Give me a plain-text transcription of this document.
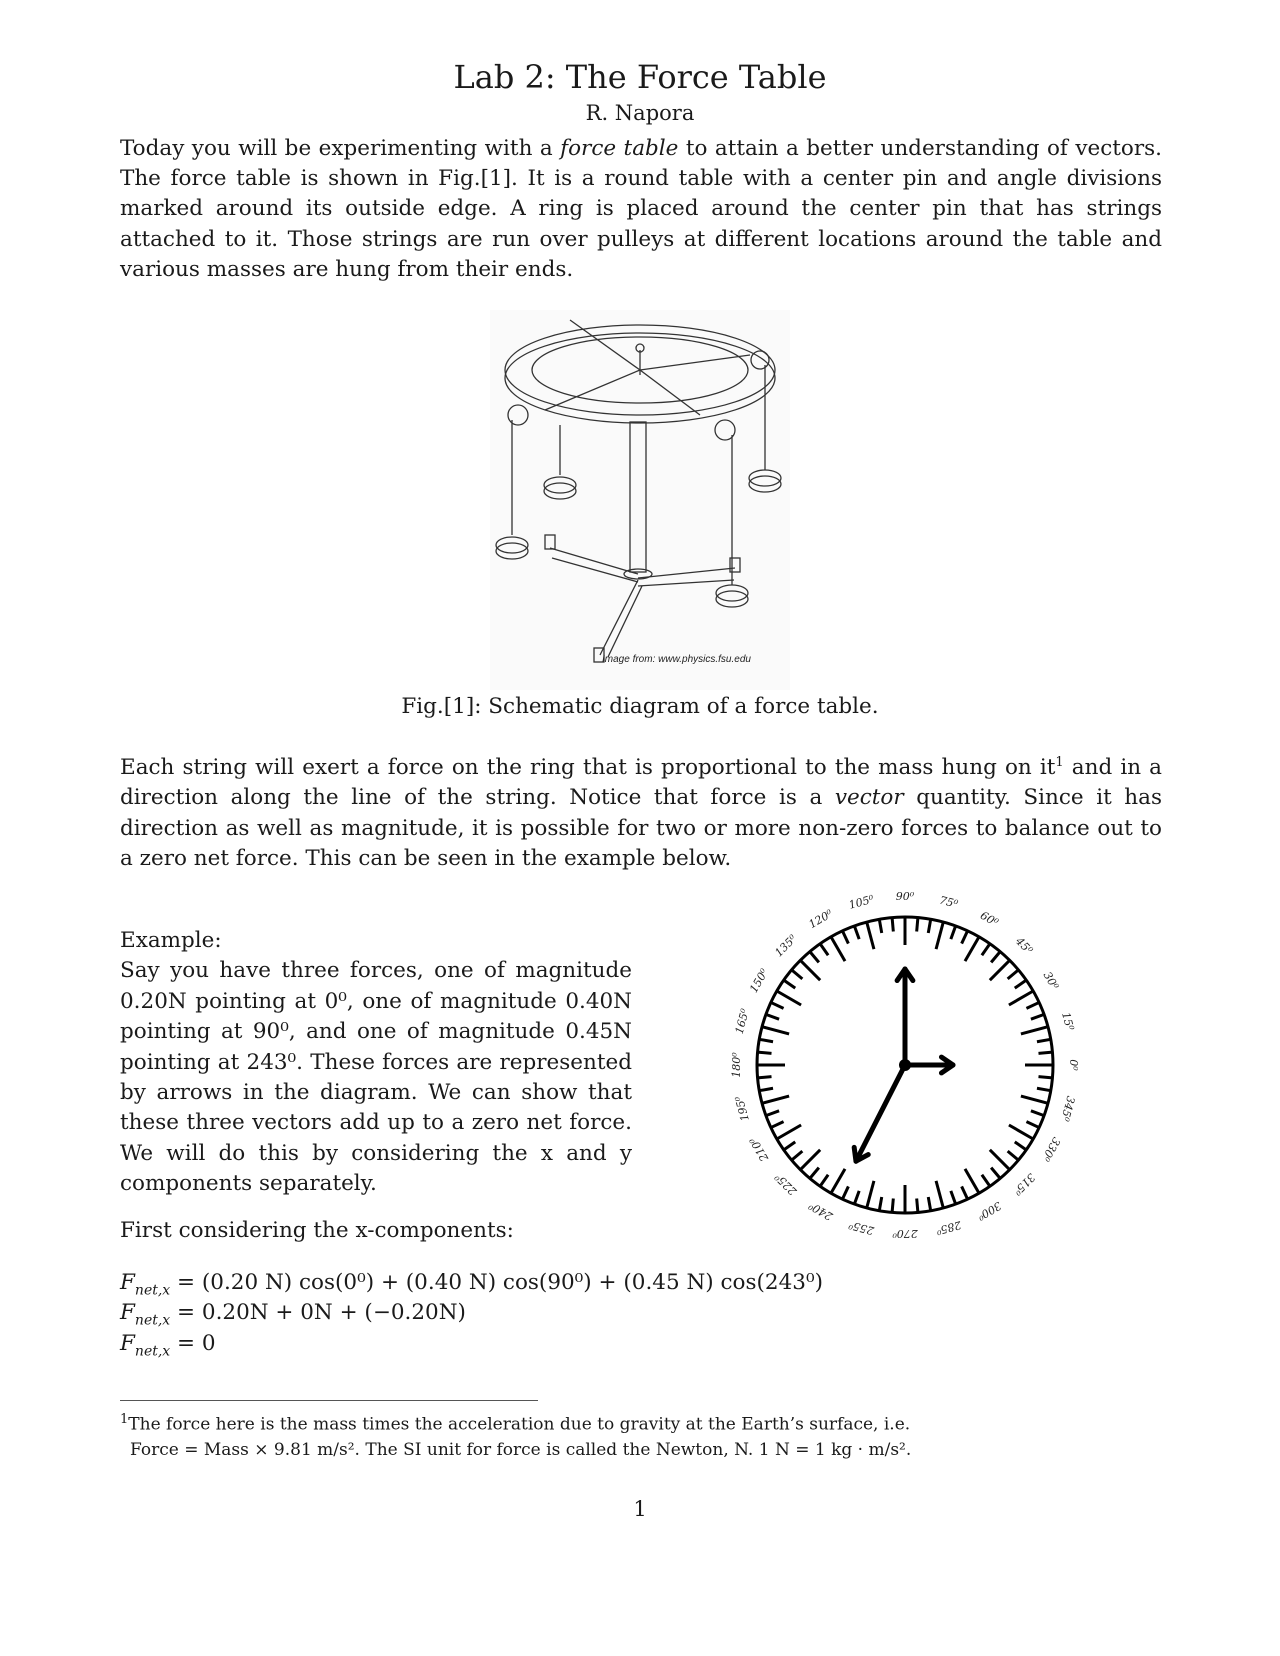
Lab 2: The Force Table
R. Napora
Today you will be experimenting with a force table to attain a better understanding of vectors. The force table is shown in Fig.[1]. It is a round table with a center pin and angle divisions marked around its outside edge. A ring is placed around the center pin that has strings attached to it. Those strings are run over pulleys at different locations around the table and various masses are hung from their ends.
Image from: www.physics.fsu.edu
Fig.[1]: Schematic diagram of a force table.
Each string will exert a force on the ring that is proportional to the mass hung on $it^1$ and in a direction along the line of the string. Notice that force is a vector quantity. Since it has direction as well as magnitude, it is possible for two or more non-zero forces to balance out to a zero net force. This can be seen in the example below.
Example:
Say you have three forces, one of magnitude 0.20N pointing at 0⁰, one of magnitude 0.40N pointing at 90⁰, and one of magnitude 0.45N pointing at 243⁰. These forces are represented by arrows in the diagram. We can show that these three vectors add up to a zero net force. We will do this by considering the x and y components separately.
0⁰
15⁰
30⁰
45⁰
60⁰
75⁰
90⁰
105⁰
120⁰
135⁰
150⁰
165⁰
180⁰
195⁰
210⁰
225⁰
240⁰
255⁰ 270⁰ 285⁰
300⁰
315⁰
330⁰
345⁰
First considering the x-components:
$F_{net,x} = (0.20$ N) cos(0⁰) + (0.40 N) cos(90⁰) + (0.45 N) cos(243⁰)
$F_{net,x} = 0.20N + 0N + (-0.20N)$
$F_{net,x} = 0$
$^1$The force here is the mass times the acceleration due to gravity at the Earth’s surface, i.e.
Force = Mass × 9.81 m/s². The SI unit for force is called the Newton, N. 1 N = 1 kg · m/s².
1
